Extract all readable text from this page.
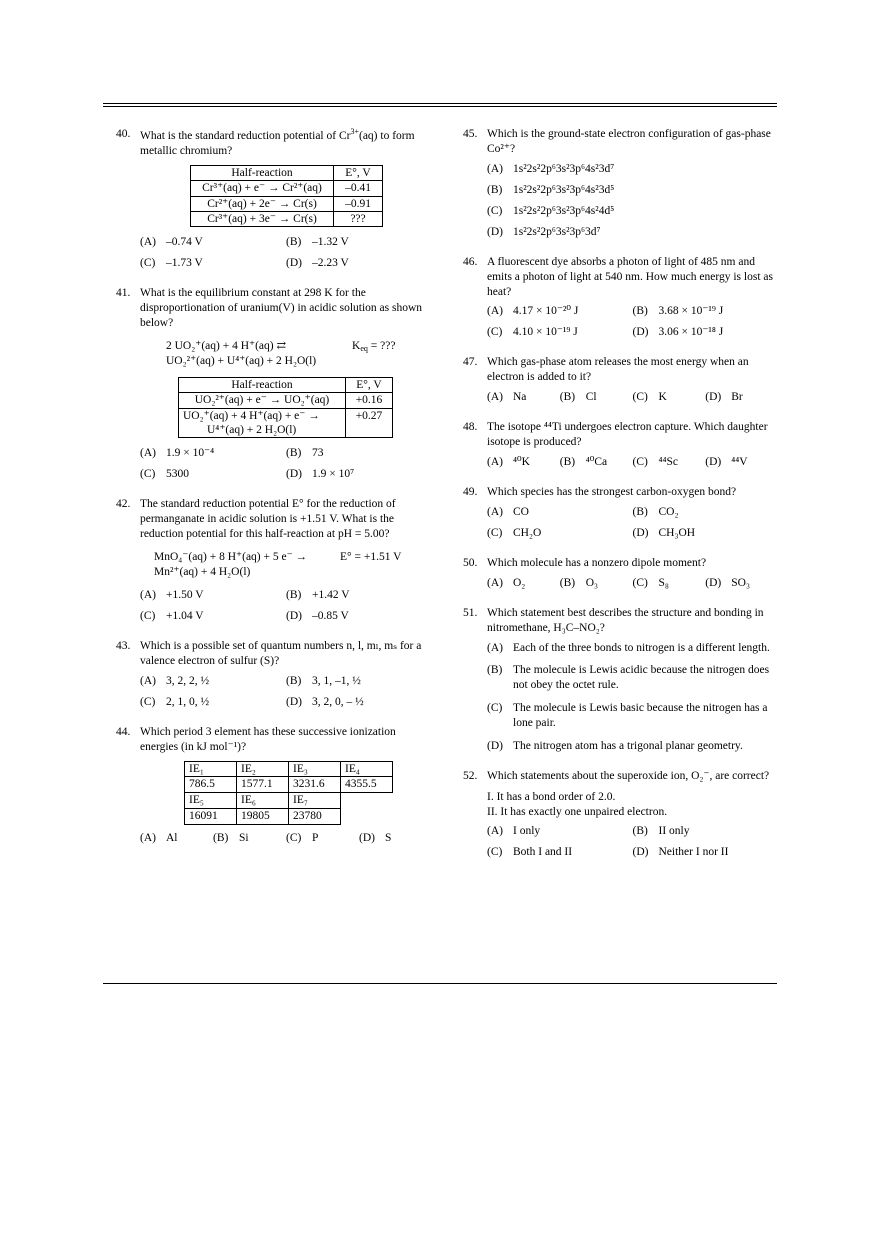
40. What is the standard reduction potential of $Cr^{3+}(aq)$ to form metallic chromium?
Half-reaction	E°, V
Cr³⁺(aq) + e⁻ → Cr²⁺(aq)	–0.41
Cr²⁺(aq) + 2e⁻ → Cr(s)	–0.91
Cr³⁺(aq) + 3e⁻ → Cr(s)	???
(A) –0.74 V	(B) –1.32 V
(C) –1.73 V	(D) –2.23 V
41. What is the equilibrium constant at 298 K for the disproportionation of uranium(V) in acidic solution as shown below?
2 UO₂⁺(aq) + 4 H⁺(aq) ⇄
UO₂²⁺(aq) + U⁴⁺(aq) + 2 H₂O(l)
$K_{eq}$ = ???
Half-reaction	E°, V
UO₂²⁺(aq) + e⁻ → UO₂⁺(aq)	+0.16

UO₂⁺(aq) + 4 H⁺(aq) + e⁻ →
U⁴⁺(aq) + 2 H₂O(l)	+0.27
(A) 1.9 × 10⁻⁴	(B) 73
(C) 5300	(D) 1.9 × 10⁷
42. The standard reduction potential E° for the reduction of permanganate in acidic solution is +1.51 V. What is the reduction potential for this half-reaction at pH = 5.00?
MnO₄⁻(aq) + 8 H⁺(aq) + 5 e⁻ →
Mn²⁺(aq) + 4 H₂O(l)
E° = +1.51 V
(A) +1.50 V	(B) +1.42 V
(C) +1.04 V	(D) –0.85 V
43. Which is a possible set of quantum numbers n, l, mₗ, mₛ for a valence electron of sulfur (S)?
(A) 3, 2, 2, ½	(B) 3, 1, –1, ½
(C) 2, 1, 0, ½	(D) 3, 2, 0, – ½
44. Which period 3 element has these successive ionization energies (in kJ mol⁻¹)?
IE₁	IE₂	IE₃	IE₄
786.5	1577.1	3231.6	4355.5
IE₅	IE₆	IE₇	
16091	19805	23780	
(A) Al	(B) Si	(C) P	(D) S
45. Which is the ground-state electron configuration of gas-phase Co²⁺?
(A) 1s²2s²2p⁶3s²3p⁶4s²3d⁷
(B) 1s²2s²2p⁶3s²3p⁶4s²3d⁵
(C) 1s²2s²2p⁶3s²3p⁶4s²4d⁵
(D) 1s²2s²2p⁶3s²3p⁶3d⁷
46. A fluorescent dye absorbs a photon of light of 485 nm and emits a photon of light at 540 nm. How much energy is lost as heat?
(A) 4.17 × 10⁻²⁰ J	(B) 3.68 × 10⁻¹⁹ J
(C) 4.10 × 10⁻¹⁹ J	(D) 3.06 × 10⁻¹⁸ J
47. Which gas-phase atom releases the most energy when an electron is added to it?
(A) Na	(B) Cl	(C) K	(D) Br
48. The isotope ⁴⁴Ti undergoes electron capture. Which daughter isotope is produced?
(A) ⁴⁰K	(B) ⁴⁰Ca (C) ⁴⁴Sc (D) ⁴⁴V
49. Which species has the strongest carbon-oxygen bond?
(A) CO	(B) CO₂
(C) CH₂O	(D) CH₃OH
50. Which molecule has a nonzero dipole moment?
(A) O₂	(B) O₃	(C) S₈	(D) SO₃
51. Which statement best describes the structure and bonding in nitromethane, H₃C–NO₂?
(A) Each of the three bonds to nitrogen is a different length.
(B) The molecule is Lewis acidic because the nitrogen does not obey the octet rule.
(C) The molecule is Lewis basic because the nitrogen has a lone pair.
(D) The nitrogen atom has a trigonal planar geometry.
52. Which statements about the superoxide ion, O₂⁻, are correct?
I. It has a bond order of 2.0.
II. It has exactly one unpaired electron.
(A) I only	(B) II only
(C) Both I and II	(D) Neither I nor II
